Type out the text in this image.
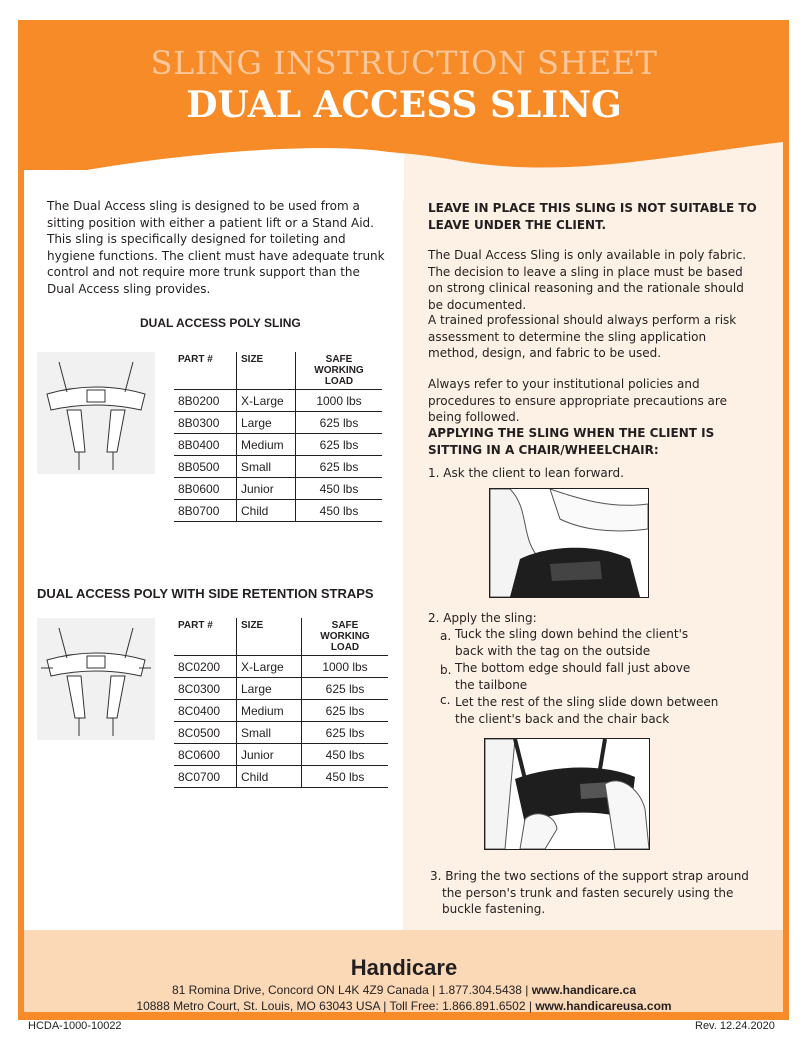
SLING INSTRUCTION SHEET
DUAL ACCESS SLING
The Dual Access sling is designed to be used from a sitting position with either a patient lift or a Stand Aid. This sling is specifically designed for toileting and hygiene functions. The client must have adequate trunk control and not require more trunk support than the Dual Access sling provides.
DUAL ACCESS POLY SLING
PART #	SIZE	SAFE WORKING LOAD
8B0200	X-Large	1000 lbs
8B0300	Large	625 lbs
8B0400	Medium	625 lbs
8B0500	Small	625 lbs
8B0600	Junior	450 lbs
8B0700	Child	450 lbs
DUAL ACCESS POLY WITH SIDE RETENTION STRAPS
PART #	SIZE	SAFE WORKING LOAD
8C0200	X-Large	1000 lbs
8C0300	Large	625 lbs
8C0400	Medium	625 lbs
8C0500	Small	625 lbs
8C0600	Junior	450 lbs
8C0700	Child	450 lbs
LEAVE IN PLACE THIS SLING IS NOT SUITABLE TO LEAVE UNDER THE CLIENT.
The Dual Access Sling is only available in poly fabric. The decision to leave a sling in place must be based on strong clinical reasoning and the rationale should be documented.
A trained professional should always perform a risk assessment to determine the sling application method, design, and fabric to be used.
Always refer to your institutional policies and procedures to ensure appropriate precautions are being followed.
APPLYING THE SLING WHEN THE CLIENT IS SITTING IN A CHAIR/WHEELCHAIR:
1. Ask the client to lean forward.
2. Apply the sling:
a. Tuck the sling down behind the client's back with the tag on the outside
b. The bottom edge should fall just above the tailbone
c. Let the rest of the sling slide down between the client's back and the chair back
3. Bring the two sections of the support strap around the person's trunk and fasten securely using the buckle fastening.
Handicare
81 Romina Drive, Concord ON L4K 4Z9 Canada | 1.877.304.5438 | www.handicare.ca
10888 Metro Court, St. Louis, MO 63043 USA | Toll Free: 1.866.891.6502 | www.handicareusa.com
HCDA-1000-10022	Rev. 12.24.2020
